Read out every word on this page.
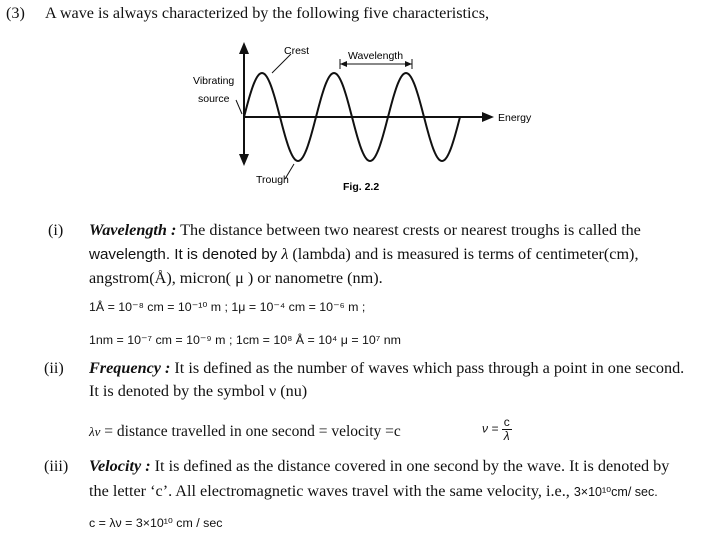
(3) A wave is always characterized by the following five characteristics,
Crest	Wavelength
Vibrating
source
Energy
Trough
Fig. 2.2
(i) Wavelength : The distance between two nearest crests or nearest troughs is called the
wavelength. It is denoted by λ (lambda) and is measured is terms of centimeter(cm),
angstrom(Å), micron( μ ) or nanometre (nm).
1Å = 10⁻⁸ cm = 10⁻¹⁰ m ; 1μ = 10⁻⁴ cm = 10⁻⁶ m ;
1nm = 10⁻⁷ cm = 10⁻⁹ m ; 1cm = 10⁸ Å = 10⁴ μ = 10⁷ nm
(ii) Frequency : It is defined as the number of waves which pass through a point in one second.
It is denoted by the symbol ν (nu)
λν = distance travelled in one second = velocity =c	$\nu = \frac{c}{\lambda}$
(iii) Velocity : It is defined as the distance covered in one second by the wave. It is denoted by
the letter ‘c’. All electromagnetic waves travel with the same velocity, i.e., 3×10¹⁰cm/ sec.
c = λν = 3×10¹⁰ cm / sec
